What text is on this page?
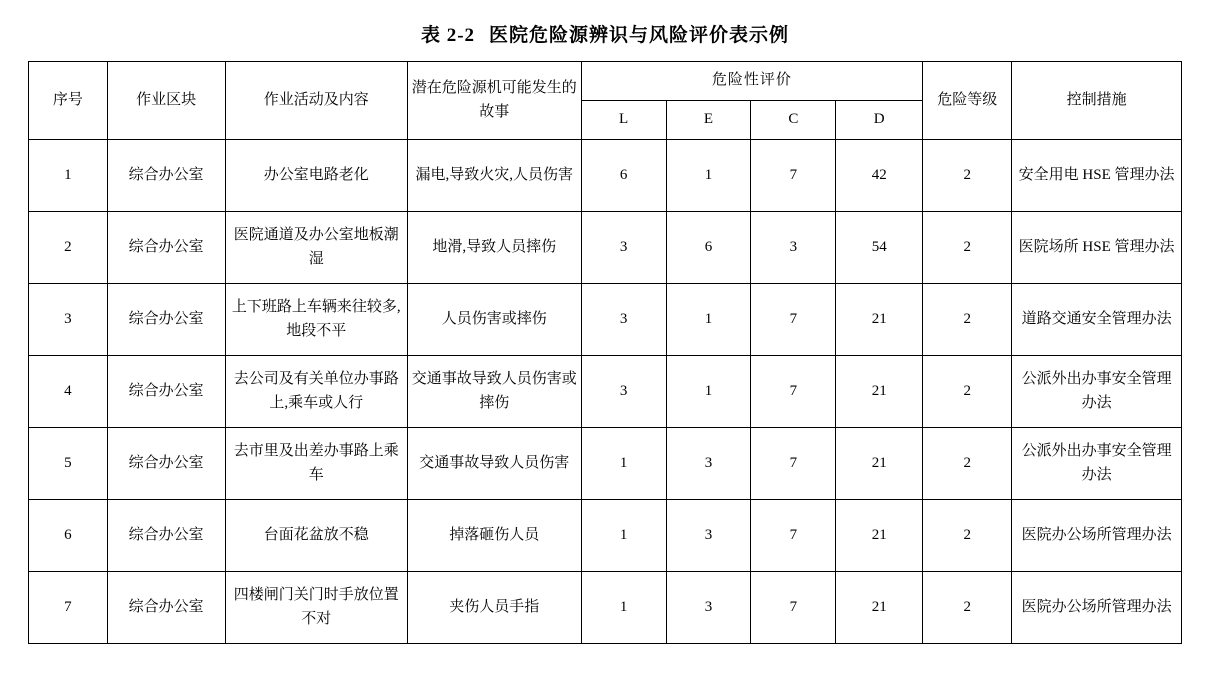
表 2-2 医院危险源辨识与风险评价表示例
序号	作业区块	作业活动及内容	潜在危险源机可能发生的故事	危险性评价				危险等级	控制措施
				L	E	C	D		
1	综合办公室	办公室电路老化	漏电,导致火灾,人员伤害	6	1	7	42	2	安全用电 HSE 管理办法
2	综合办公室	医院通道及办公室地板潮湿	地滑,导致人员摔伤	3	6	3	54	2	医院场所 HSE 管理办法
3	综合办公室	上下班路上车辆来往较多,地段不平	人员伤害或摔伤	3	1	7	21	2	道路交通安全管理办法
4	综合办公室	去公司及有关单位办事路上,乘车或人行	交通事故导致人员伤害或摔伤	3	1	7	21	2	公派外出办事安全管理办法
5	综合办公室	去市里及出差办事路上乘车	交通事故导致人员伤害	1	3	7	21	2	公派外出办事安全管理办法
6	综合办公室	台面花盆放不稳	掉落砸伤人员	1	3	7	21	2	医院办公场所管理办法
7	综合办公室	四楼闸门关门时手放位置不对	夹伤人员手指	1	3	7	21	2	医院办公场所管理办法
